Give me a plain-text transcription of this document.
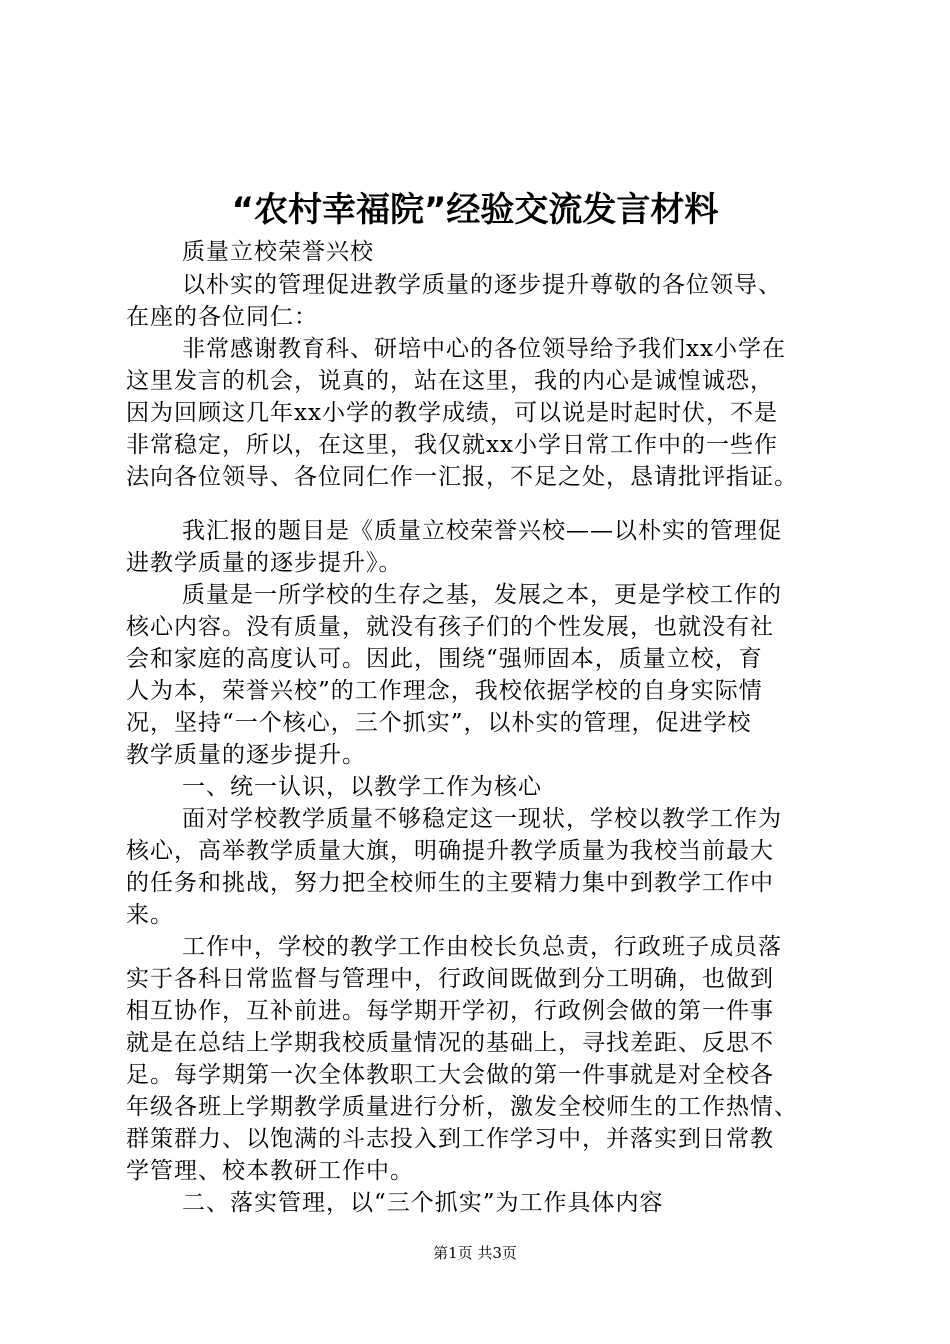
“农村幸福院”经验交流发言材料
质量立校荣誉兴校
以朴实的管理促进教学质量的逐步提升尊敬的各位领导、
在座的各位同仁：
非常感谢教育科、研培中心的各位领导给予我们xx小学在
这里发言的机会，说真的，站在这里，我的内心是诚惶诚恐，
因为回顾这几年xx小学的教学成绩，可以说是时起时伏，不是
非常稳定，所以，在这里，我仅就xx小学日常工作中的一些作
法向各位领导、各位同仁作一汇报，不足之处，恳请批评指证。
我汇报的题目是《质量立校荣誉兴校——以朴实的管理促
进教学质量的逐步提升》。
质量是一所学校的生存之基，发展之本，更是学校工作的
核心内容。没有质量，就没有孩子们的个性发展，也就没有社
会和家庭的高度认可。因此，围绕“强师固本，质量立校，育
人为本，荣誉兴校”的工作理念，我校依据学校的自身实际情
况，坚持“一个核心，三个抓实”，以朴实的管理，促进学校
教学质量的逐步提升。
一、统一认识，以教学工作为核心
面对学校教学质量不够稳定这一现状，学校以教学工作为
核心，高举教学质量大旗，明确提升教学质量为我校当前最大
的任务和挑战，努力把全校师生的主要精力集中到教学工作中
来。
工作中，学校的教学工作由校长负总责，行政班子成员落
实于各科日常监督与管理中，行政间既做到分工明确，也做到
相互协作，互补前进。每学期开学初，行政例会做的第一件事
就是在总结上学期我校质量情况的基础上，寻找差距、反思不
足。每学期第一次全体教职工大会做的第一件事就是对全校各
年级各班上学期教学质量进行分析，激发全校师生的工作热情、
群策群力、以饱满的斗志投入到工作学习中，并落实到日常教
学管理、校本教研工作中。
二、落实管理，以“三个抓实”为工作具体内容
第1页 共3页
